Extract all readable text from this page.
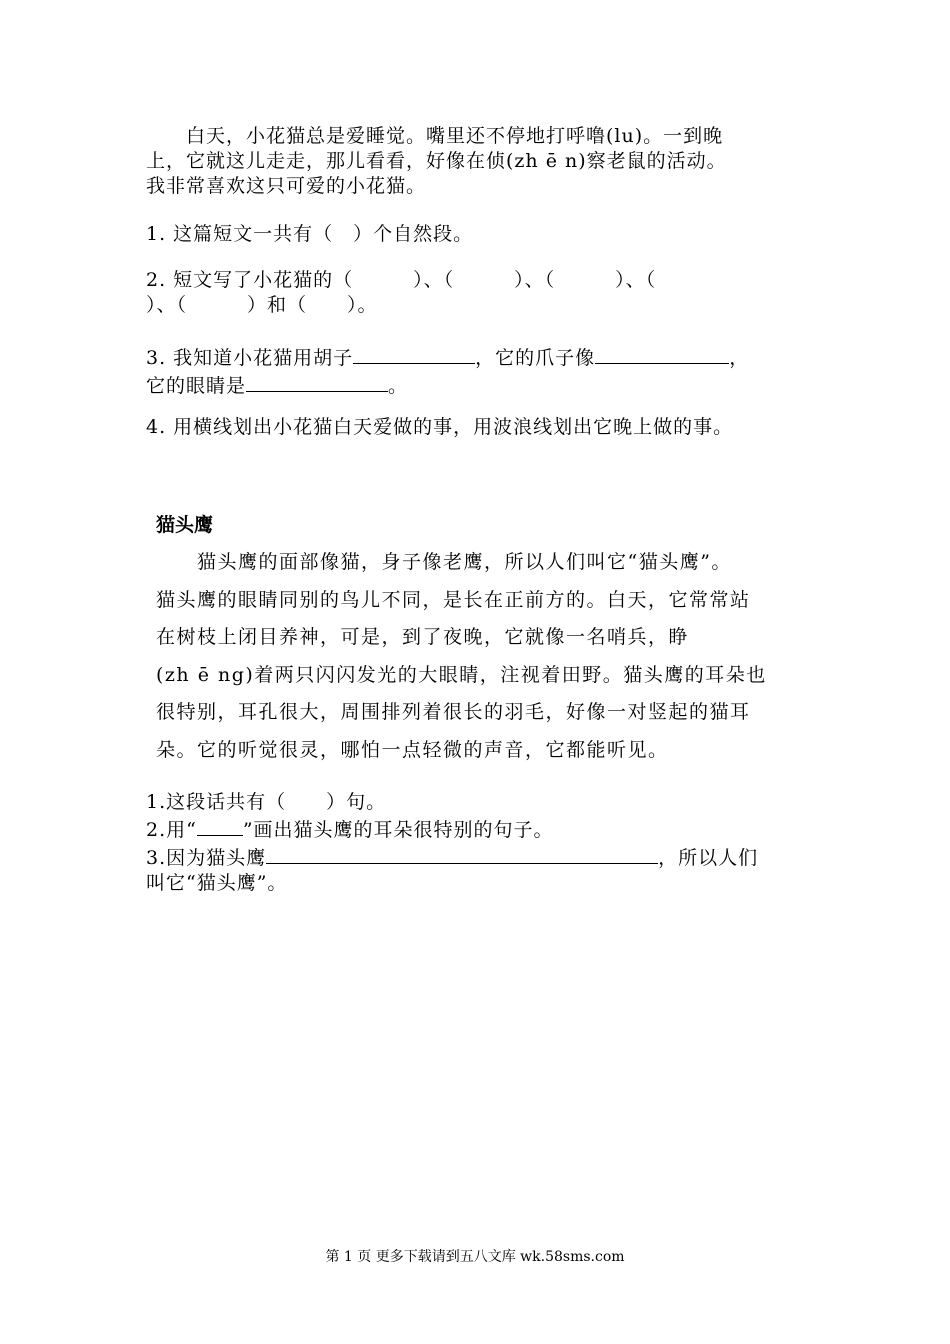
　　白天，小花猫总是爱睡觉。嘴里还不停地打呼噜(lu)。一到晚
上，它就这儿走走，那儿看看，好像在侦(zh ē n)察老鼠的活动。
我非常喜欢这只可爱的小花猫。
1. 这篇短文一共有（　）个自然段。
2. 短文写了小花猫的（　　　）、（　　　）、（　　　）、（
）、（　　　）和（　　）。
3. 我知道小花猫用胡子	，它的爪子像	，
它的眼睛是	。
4. 用横线划出小花猫白天爱做的事，用波浪线划出它晚上做的事。
猫头鹰
　　猫头鹰的面部像猫，身子像老鹰，所以人们叫它“猫头鹰”。
猫头鹰的眼睛同别的鸟儿不同，是长在正前方的。白天，它常常站
在树枝上闭目养神，可是，到了夜晚，它就像一名哨兵，睁
(zh ē ng)着两只闪闪发光的大眼睛，注视着田野。猫头鹰的耳朵也
很特别，耳孔很大，周围排列着很长的羽毛，好像一对竖起的猫耳
朵。它的听觉很灵，哪怕一点轻微的声音，它都能听见。
1.这段话共有（　　）句。
2.用“ ”画出猫头鹰的耳朵很特别的句子。
3.因为猫头鹰	，所以人们
叫它“猫头鹰”。
第 1 页 更多下载请到五八文库 wk.58sms.com
